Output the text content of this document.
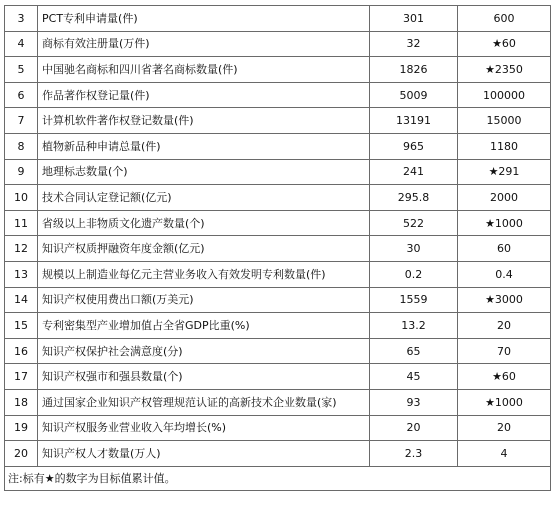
3	PCT专利申请量(件)	301	600
4	商标有效注册量(万件)	32	★60
5	中国驰名商标和四川省著名商标数量(件)	1826	★2350
6	作品著作权登记量(件)	5009	100000
7	计算机软件著作权登记数量(件)	13191	15000
8	植物新品种申请总量(件)	965	1180
9	地理标志数量(个)	241	★291
10	技术合同认定登记额(亿元)	295.8	2000
11	省级以上非物质文化遗产数量(个)	522	★1000
12	知识产权质押融资年度金额(亿元)	30	60
13	规模以上制造业每亿元主营业务收入有效发明专利数量(件)	0.2	0.4
14	知识产权使用费出口额(万美元)	1559	★3000
15	专利密集型产业增加值占全省GDP比重(%)	13.2	20
16	知识产权保护社会满意度(分)	65	70
17	知识产权强市和强县数量(个)	45	★60
18	通过国家企业知识产权管理规范认证的高新技术企业数量(家)	93	★1000
19	知识产权服务业营业收入年均增长(%)	20	20
20	知识产权人才数量(万人)	2.3	4
注:标有★的数字为目标值累计值。			
